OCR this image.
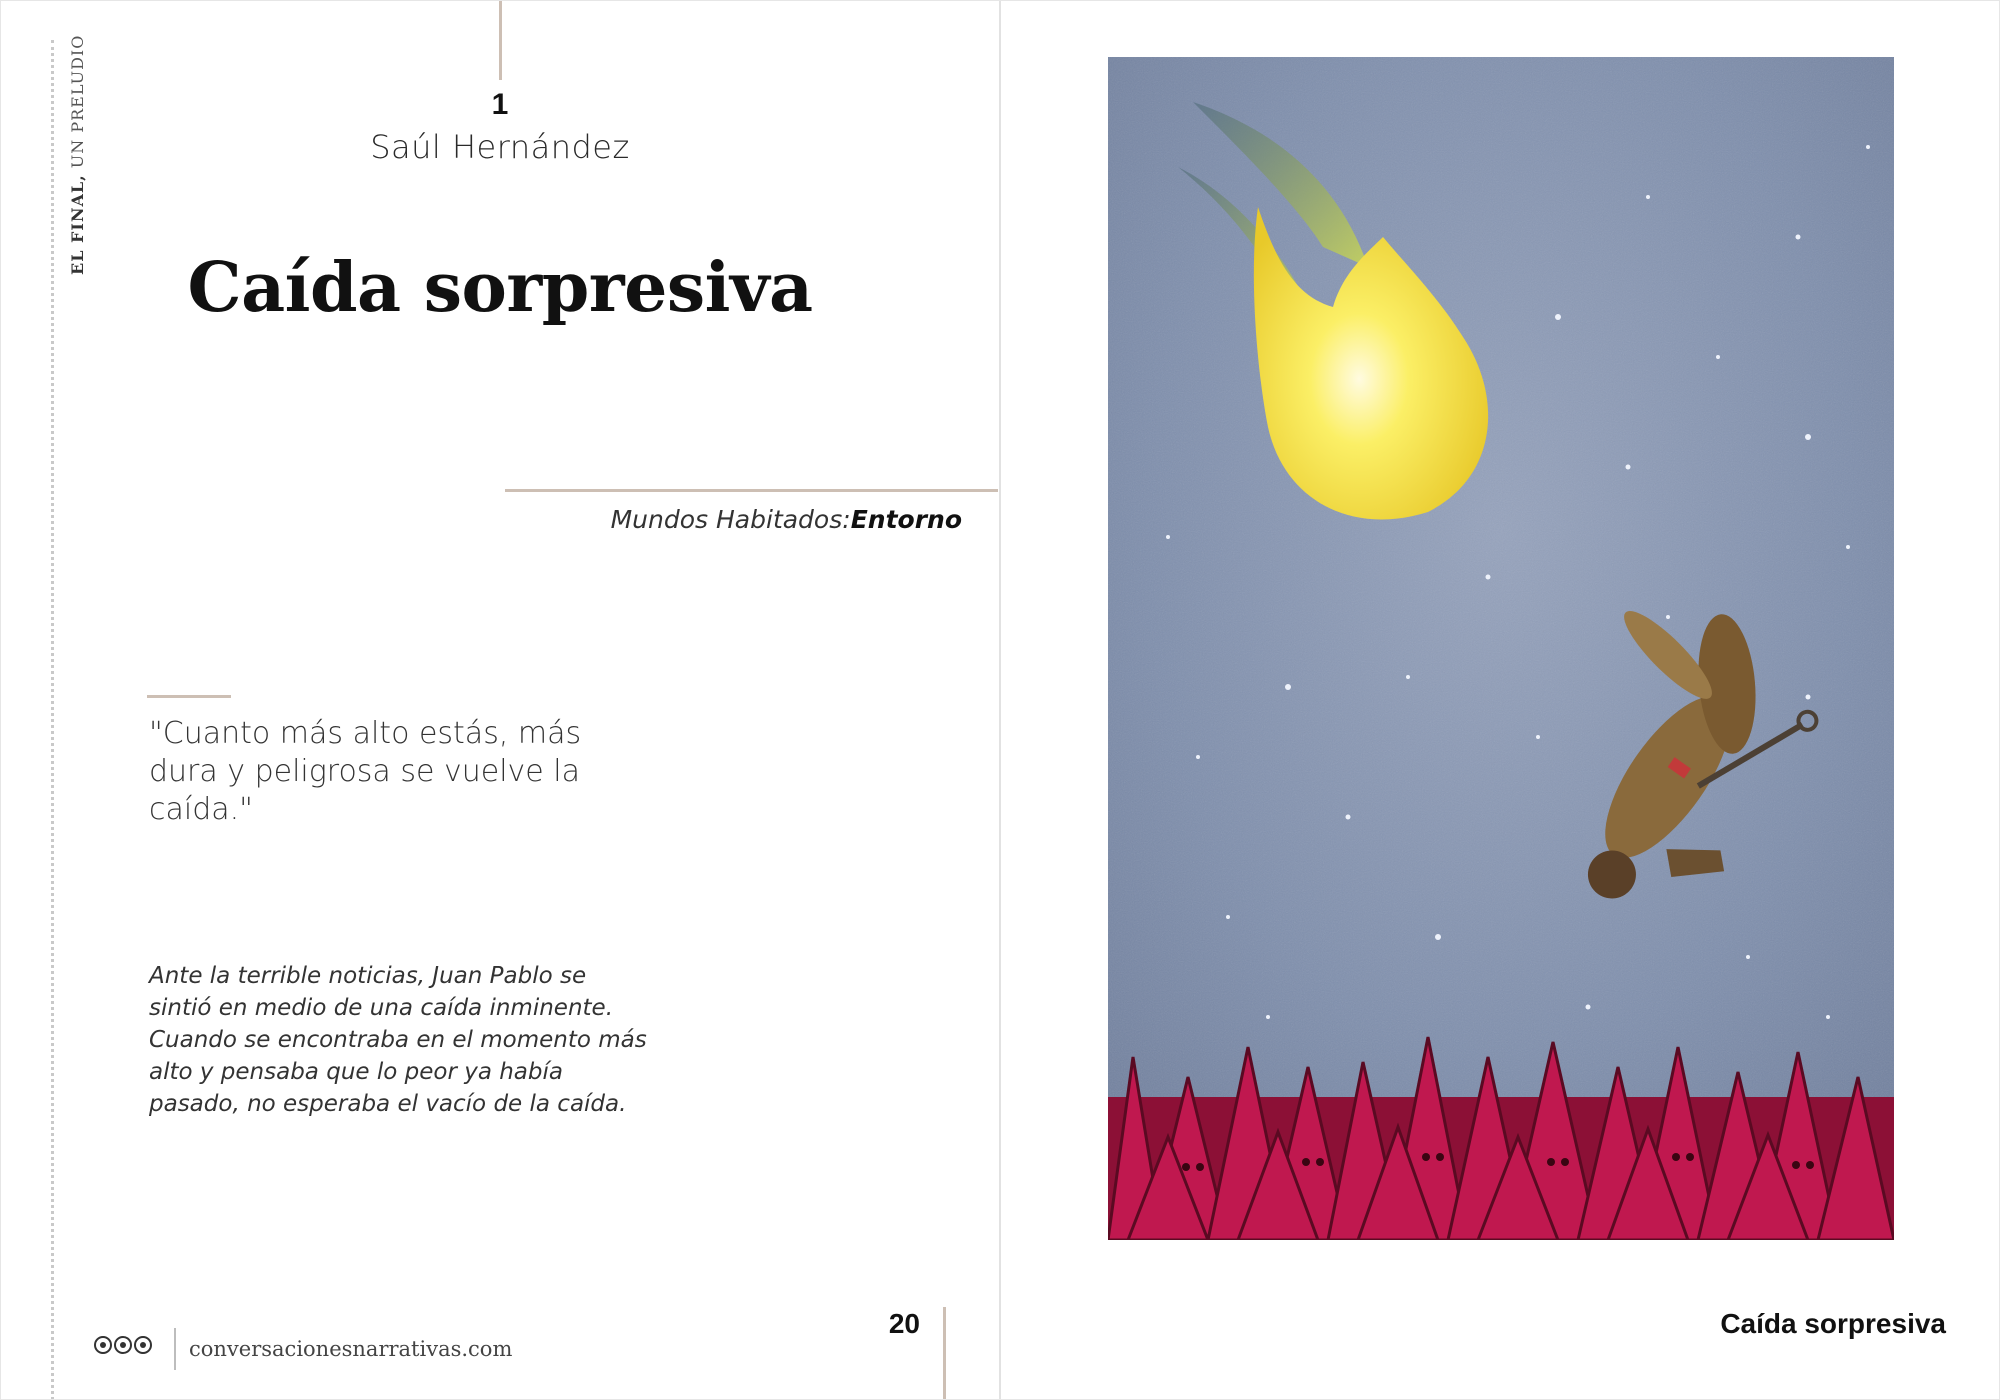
EL FINAL, UN PRELUDIO	1
Saúl Hernández
Caída sorpresiva
Mundos Habitados:Entorno
"Cuanto más alto estás, más dura y peligrosa se vuelve la caída."
Ante la terrible noticias, Juan Pablo se sintió en medio de una caída inminente. Cuando se encontraba en el momento más alto y pensaba que lo peor ya había pasado, no esperaba el vacío de la caída.
conversacionesnarrativas.com
20	Caída sorpresiva
